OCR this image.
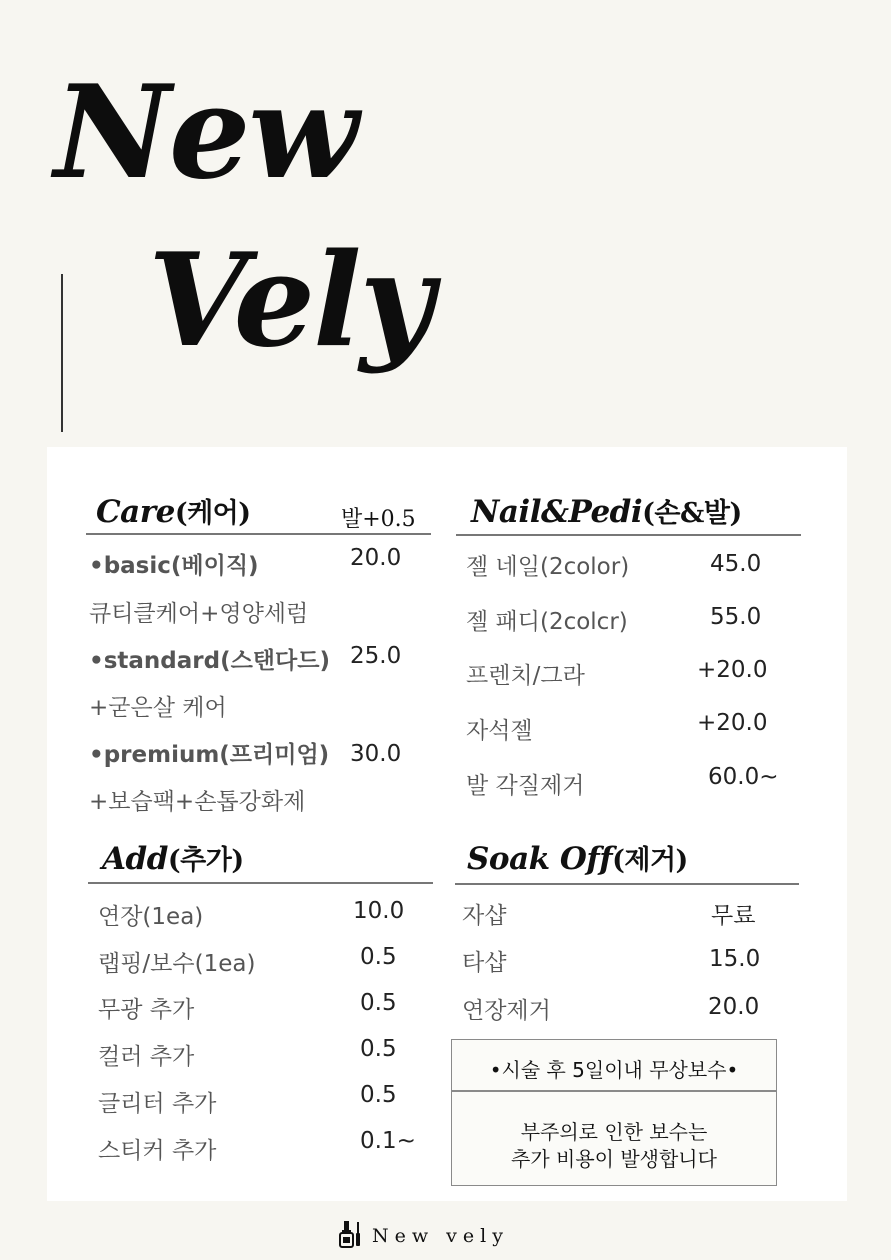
New
Vely
Care(케어)	발+0.5
•basic(베이직)	20.0
큐티클케어+영양세럼
•standard(스탠다드) 25.0
+굳은살 케어
•premium(프리미엄) 30.0
+보습팩+손톱강화제
Nail&Pedi(손&발)
젤 네일(2color)	45.0
젤 패디(2colcr)	55.0
프렌치/그라	+20.0
자석젤	+20.0
발 각질제거	60.0~
Add(추가)
연장(1ea)	10.0
랩핑/보수(1ea)	0.5
무광 추가	0.5
컬러 추가	0.5
글리터 추가	0.5
스티커 추가	0.1~
Soak Off(제거)
자샵	무료
타샵	15.0
연장제거	20.0
•시술 후 5일이내 무상보수•
부주의로 인한 보수는
추가 비용이 발생합니다
New vely
